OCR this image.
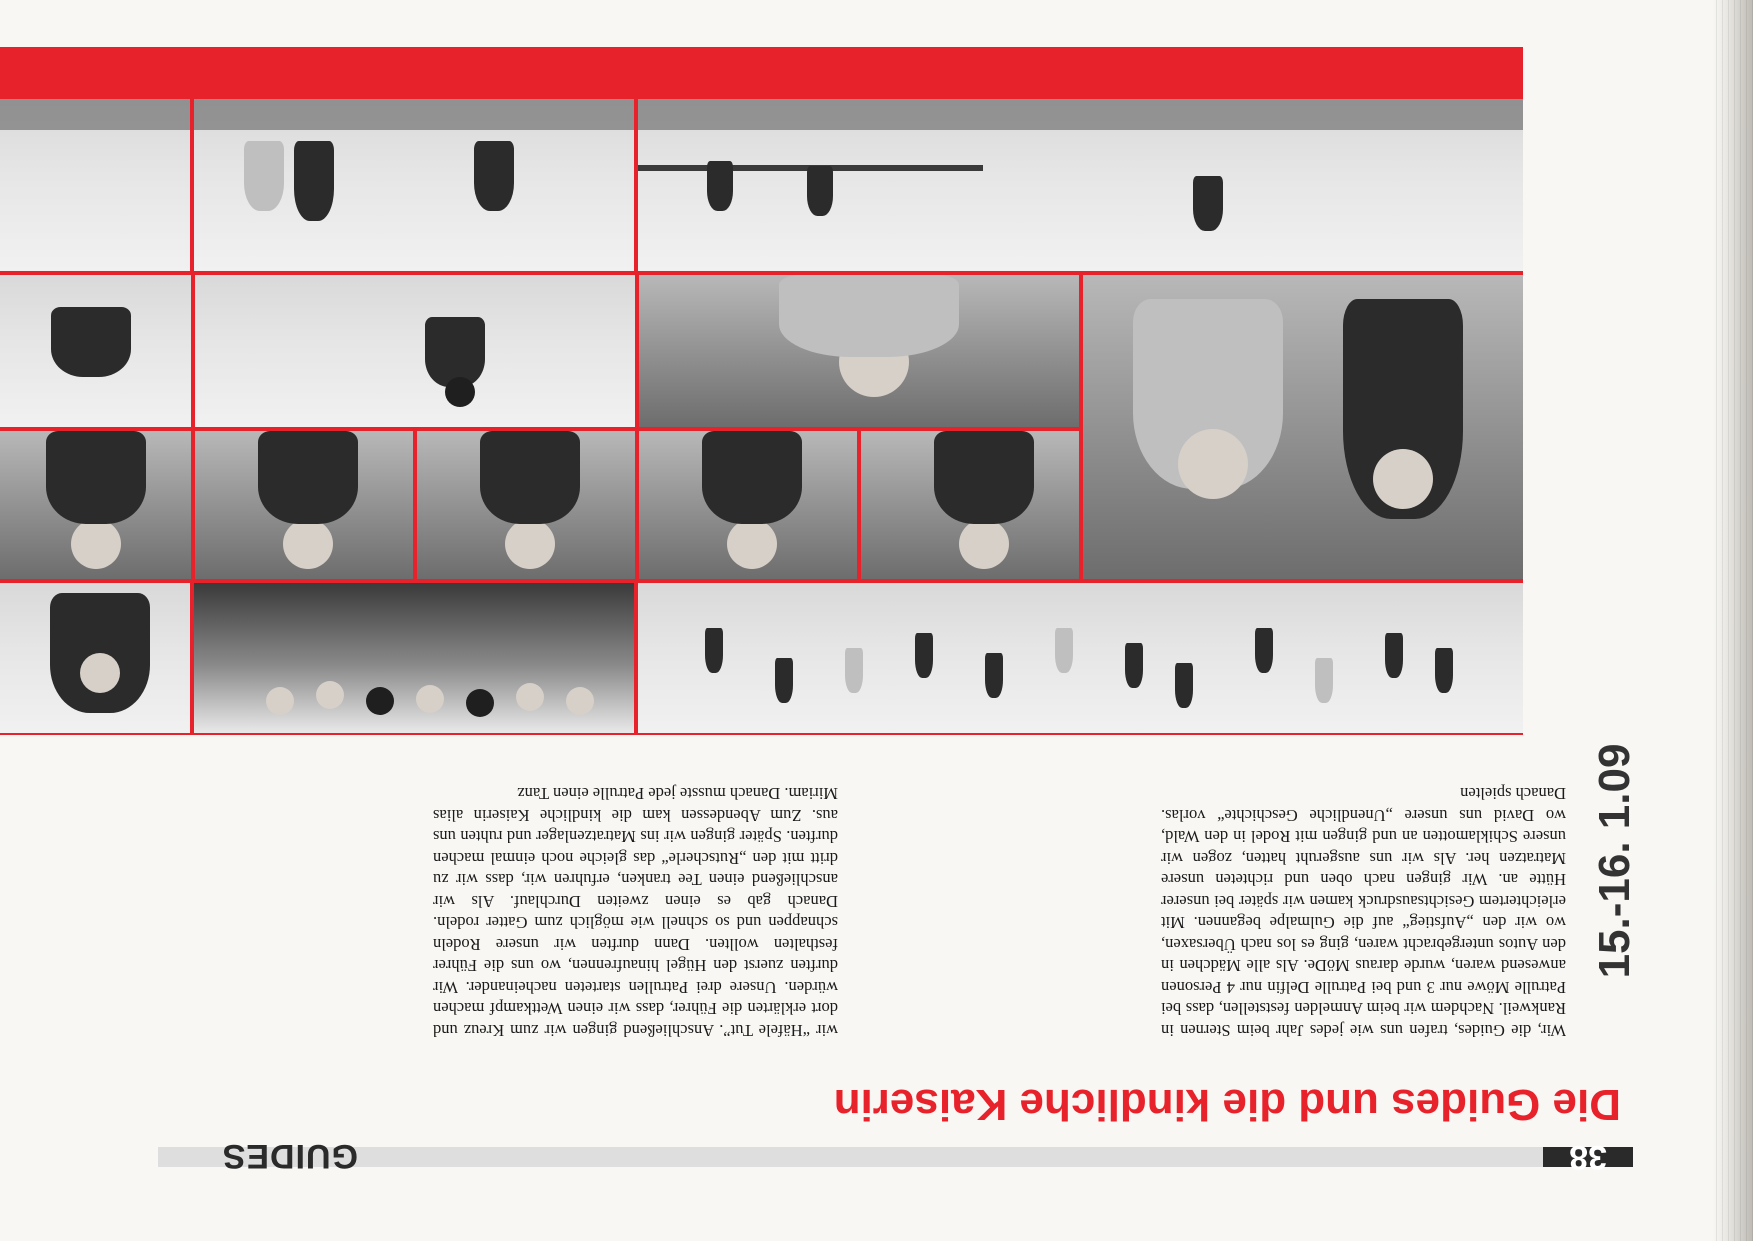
38
GUIDES
Die Guides und die kindliche Kaiserin
15.-16. 1.09

Wir, die Guides, trafen uns wie jedes Jahr beim Sternen in Rankweil. Nachdem wir beim Anmelden feststellen, dass bei Patrulle Möwe nur 3 und bei Patrulle Delfin nur 4 Personen anwesend waren, wurde daraus MöDe. Als alle Mädchen in den Autos untergebracht waren, ging es los nach Übersaxen, wo wir den „Aufstieg“ auf die Gulmalpe begannen. Mit erleichtertem Gesichtsausdruck kamen wir später bei unserer Hütte an. Wir gingen nach oben und richteten unsere Matratzen her. Als wir uns ausgeruht hatten, zogen wir unsere Schiklamotten an und gingen mit Rodel in den Wald, wo David uns unsere „Unendliche Geschichte“ vorlas. Danach spielten

wir “Häfele Tut”. Anschließend gingen wir zum Kreuz und dort erklärten die Führer, dass wir einen Wettkampf machen würden. Unsere drei Patrullen starteten nacheinander. Wir durften zuerst den Hügel hinaufrennen, wo uns die Führer festhalten wollten. Dann durften wir unsere Rodeln schnappen und so schnell wie möglich zum Gatter rodeln. Danach gab es einen zweiten Durchlauf. Als wir anschließend einen Tee tranken, erfuhren wir, dass wir zu dritt mit den „Rutscherle“ das gleiche noch einmal machen durften. Später gingen wir ins Matratzenlager und ruhten uns aus. Zum Abendessen kam die kindliche Kaiserin alias Miriam. Danach musste jede Patrulle einen Tanz
